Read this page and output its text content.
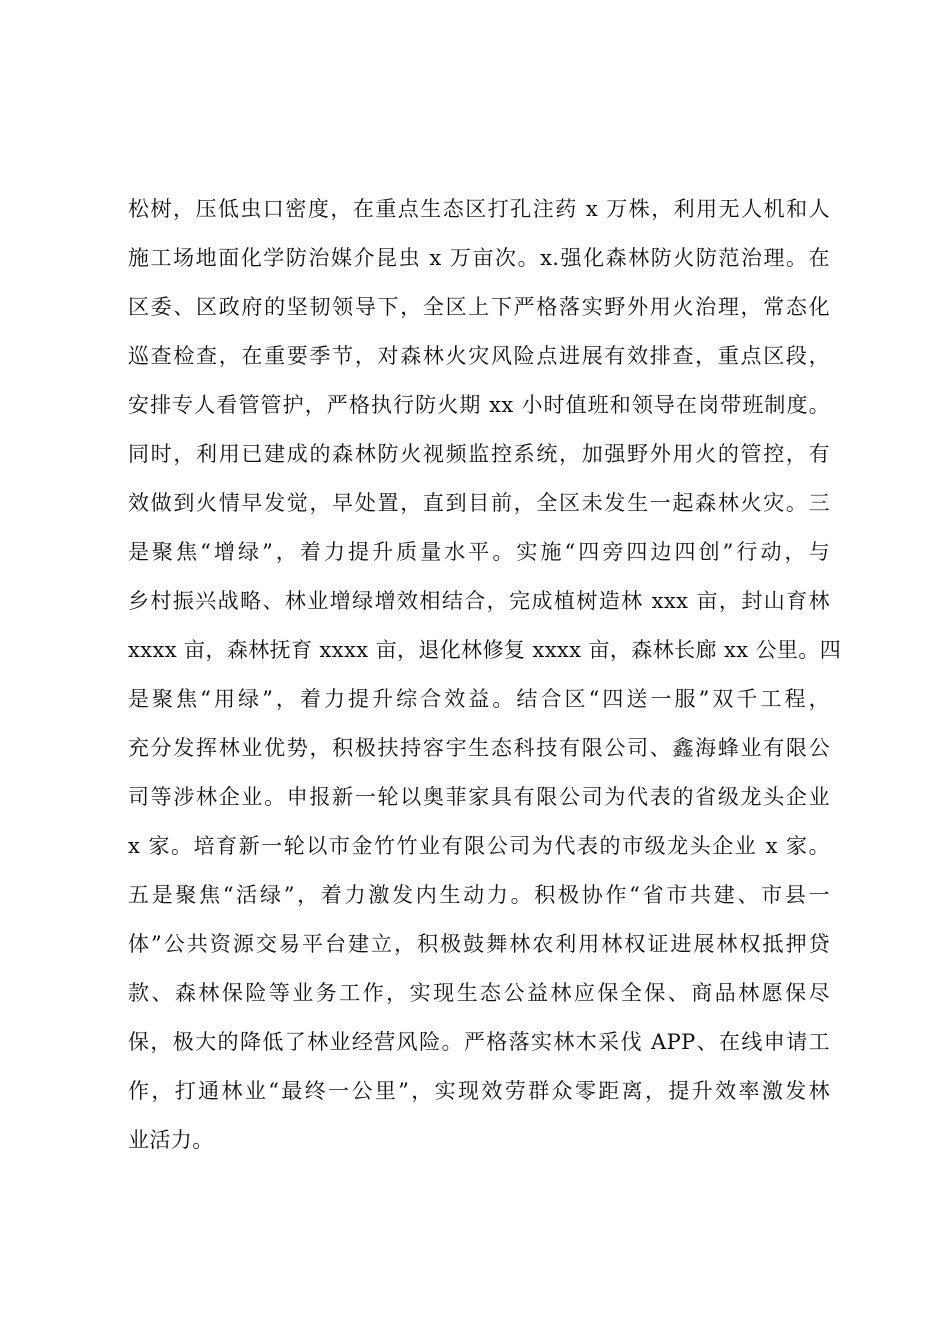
松树，压低虫口密度，在重点生态区打孔注药 x 万株，利用无人机和人
施工场地面化学防治媒介昆虫 x 万亩次。x.强化森林防火防范治理。在
区委、区政府的坚韧领导下，全区上下严格落实野外用火治理，常态化
巡查检查，在重要季节，对森林火灾风险点进展有效排查，重点区段，
安排专人看管管护，严格执行防火期 xx 小时值班和领导在岗带班制度。
同时，利用已建成的森林防火视频监控系统，加强野外用火的管控，有
效做到火情早发觉，早处置，直到目前，全区未发生一起森林火灾。三
是聚焦“增绿”，着力提升质量水平。实施“四旁四边四创”行动，与
乡村振兴战略、林业增绿增效相结合，完成植树造林 xxx 亩，封山育林
xxxx 亩，森林抚育 xxxx 亩，退化林修复 xxxx 亩，森林长廊 xx 公里。四
是聚焦“用绿”，着力提升综合效益。结合区“四送一服”双千工程，
充分发挥林业优势，积极扶持容宇生态科技有限公司、鑫海蜂业有限公
司等涉林企业。申报新一轮以奥菲家具有限公司为代表的省级龙头企业
x 家。培育新一轮以市金竹竹业有限公司为代表的市级龙头企业 x 家。
五是聚焦“活绿”，着力激发内生动力。积极协作“省市共建、市县一
体”公共资源交易平台建立，积极鼓舞林农利用林权证进展林权抵押贷
款、森林保险等业务工作，实现生态公益林应保全保、商品林愿保尽
保，极大的降低了林业经营风险。严格落实林木采伐 APP、在线申请工
作，打通林业“最终一公里”，实现效劳群众零距离，提升效率激发林
业活力。
